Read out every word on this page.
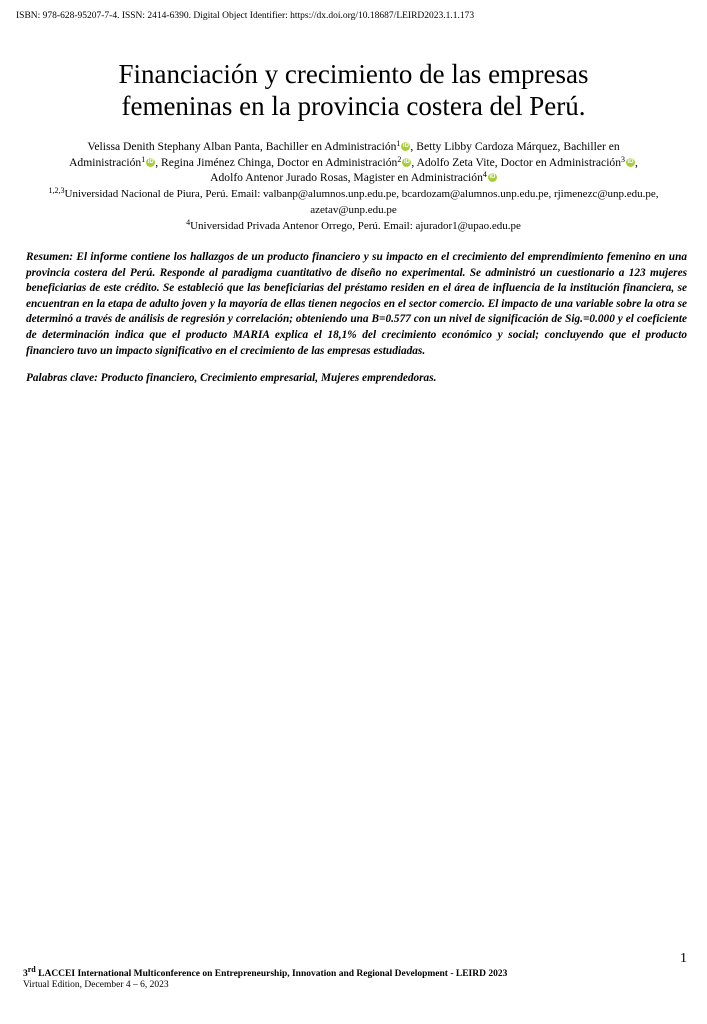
ISBN: 978-628-95207-7-4. ISSN: 2414-6390. Digital Object Identifier: https://dx.doi.org/10.18687/LEIRD2023.1.1.173
Financiación y crecimiento de las empresas
femeninas en la provincia costera del Perú.
Velissa Denith Stephany Alban Panta, Bachiller en Administración$^1$ iD , Betty Libby Cardoza Márquez, Bachiller en
Administración$^1$ iD , Regina Jiménez Chinga, Doctor en Administración$^2$ iD , Adolfo Zeta Vite, Doctor en Administración$^3$ iD ,
Adolfo Antenor Jurado Rosas, Magister en Administración$^4$ iD
$^{1,2,3}$Universidad Nacional de Piura, Perú. Email: valbanp@alumnos.unp.edu.pe, bcardozam@alumnos.unp.edu.pe, rjimenezc@unp.edu.pe,
azetav@unp.edu.pe
$^4$Universidad Privada Antenor Orrego, Perú. Email: ajurador1@upao.edu.pe

Resumen: El informe contiene los hallazgos de un producto financiero y su impacto en el crecimiento del emprendimiento femenino en una provincia costera del Perú. Responde al paradigma cuantitativo de diseño no experimental. Se administró un cuestionario a 123 mujeres beneficiarias de este crédito. Se estableció que las beneficiarias del préstamo residen en el área de influencia de la institución financiera, se encuentran en la etapa de adulto joven y la mayoría de ellas tienen negocios en el sector comercio. El impacto de una variable sobre la otra se determinó a través de análisis de regresión y correlación; obteniendo una B=0.577 con un nivel de significación de Sig.=0.000 y el coeficiente de determinación indica que el producto MARIA explica el 18,1% del crecimiento económico y social; concluyendo que el producto financiero tuvo un impacto significativo en el crecimiento de las empresas estudiadas.

Palabras clave: Producto financiero, Crecimiento empresarial, Mujeres emprendedoras.
1
3rd LACCEI International Multiconference on Entrepreneurship, Innovation and Regional Development - LEIRD 2023
Virtual Edition, December 4 – 6, 2023
